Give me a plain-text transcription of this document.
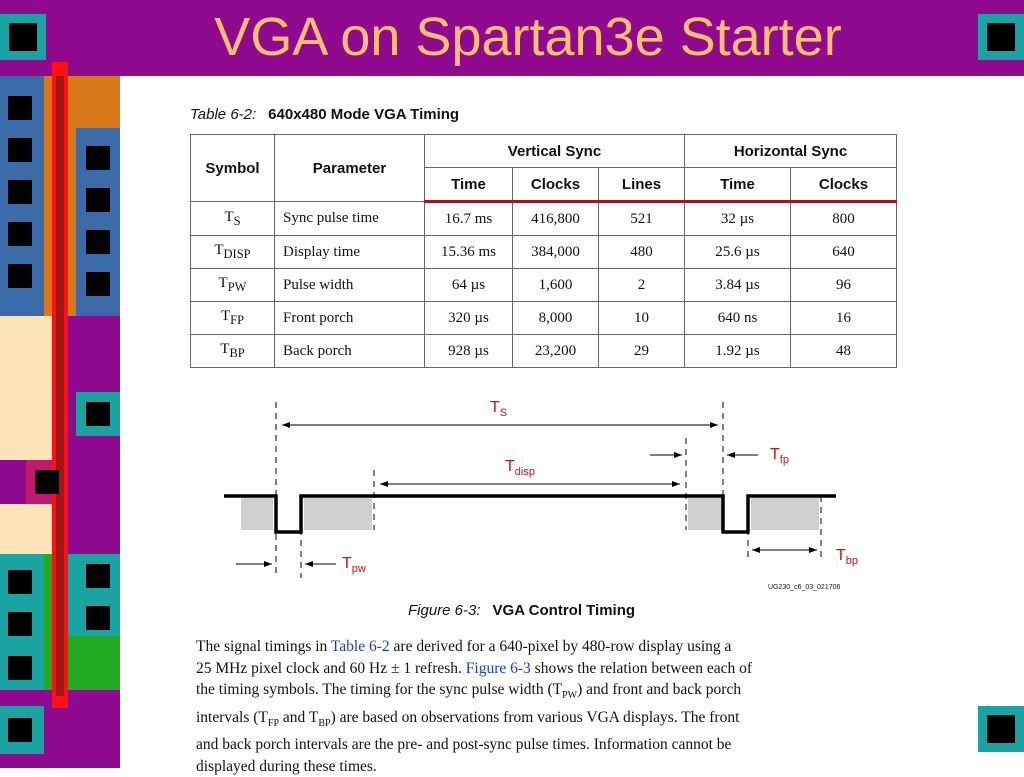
VGA on Spartan3e Starter
Table 6-2: 640x480 Mode VGA Timing
Symbol	Parameter	Vertical Sync			Horizontal Sync	
		Time	Clocks	Lines	Time	Clocks
$T_S$	Sync pulse time	16.7 ms	416,800	521	32 µs	800
$T_{DISP}$	Display time	15.36 ms	384,000	480	25.6 µs	640
$T_{PW}$	Pulse width	64 µs	1,600	2	3.84 µs	96
$T_{FP}$	Front porch	320 µs	8,000	10	640 ns	16
$T_{BP}$	Back porch	928 µs	23,200	29	1.92 µs	48
$T_S$
$T_{disp}$
$T_{fp}$
$T_{pw}$
$T_{bp}$
UG230_c6_03_021706
Figure 6-3: VGA Control Timing
The signal timings in Table 6-2 are derived for a 640-pixel by 480-row display using a
25 MHz pixel clock and 60 Hz ± 1 refresh. Figure 6-3 shows the relation between each of
the timing symbols. The timing for the sync pulse width $(T_{PW})$ and front and back porch
intervals ($T_{FP}$ and $T_{BP}$) are based on observations from various VGA displays. The front
and back porch intervals are the pre- and post-sync pulse times. Information cannot be
displayed during these times.
